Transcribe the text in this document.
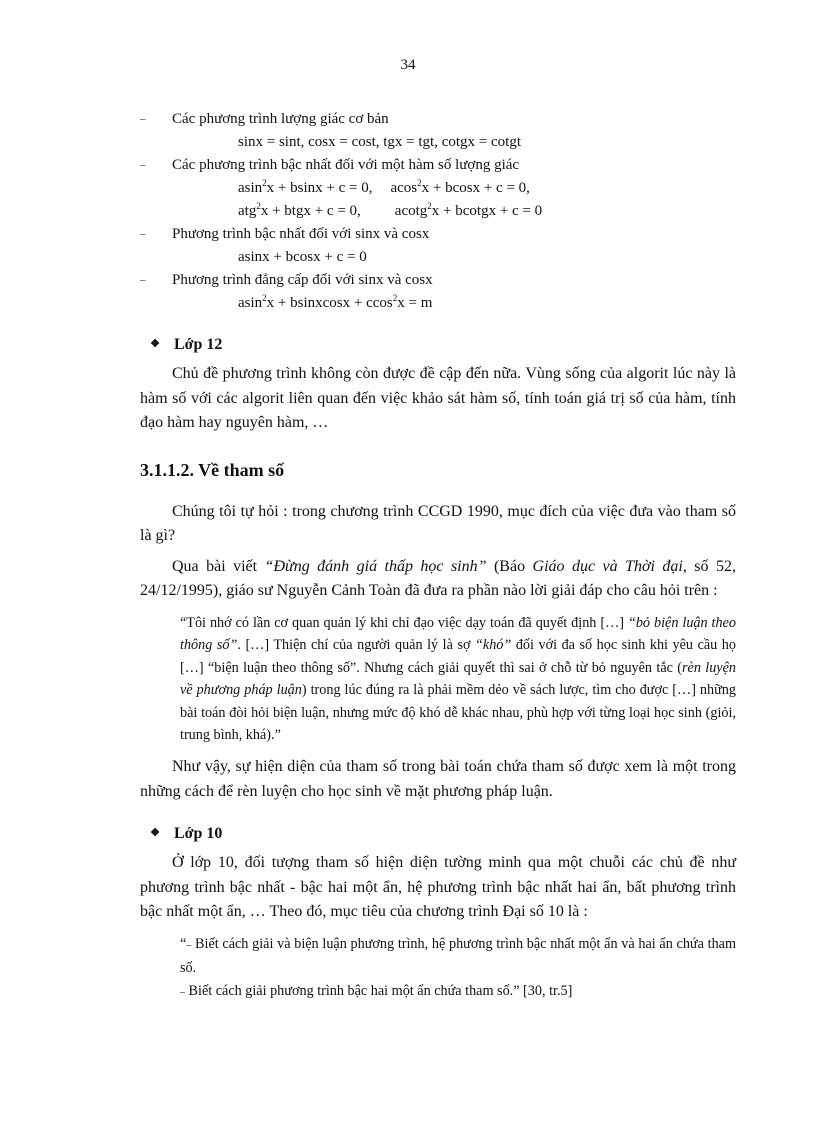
34

– Các phương trình lượng giác cơ bản

sinx = sint, cosx = cost, tgx = tgt, cotgx = cotgt

– Các phương trình bậc nhất đối với một hàm số lượng giác

asin$^2$x + bsinx + c = 0, acos$^2$x + bcosx + c = 0,

atg$^2$x + btgx + c = 0, acotg$^2$x + bcotgx + c = 0

– Phương trình bậc nhất đối với sinx và cosx

asinx + bcosx + c = 0

– Phương trình đẳng cấp đối với sinx và cosx

asin$^2$x + bsinxcosx + ccos$^2$x = m

❖ Lớp 12

Chủ đề phương trình không còn được đề cập đến nữa. Vùng sống của algorit lúc này là hàm số với các algorit liên quan đến việc khảo sát hàm số, tính toán giá trị số của hàm, tính đạo hàm hay nguyên hàm, …

3.1.1.2. Về tham số

Chúng tôi tự hỏi : trong chương trình CCGD 1990, mục đích của việc đưa vào tham số là gì?

Qua bài viết “Đừng đánh giá thấp học sinh” (Báo Giáo dục và Thời đại, số 52, 24/12/1995), giáo sư Nguyễn Cảnh Toàn đã đưa ra phần nào lời giải đáp cho câu hỏi trên :

“Tôi nhớ có lần cơ quan quản lý khi chỉ đạo việc dạy toán đã quyết định […] “bỏ biện luận theo thông số”. […] Thiện chí của người quản lý là sợ “khó” đối với đa số học sinh khi yêu cầu họ […] “biện luận theo thông số”. Nhưng cách giải quyết thì sai ở chỗ từ bỏ nguyên tắc (rèn luyện về phương pháp luận) trong lúc đúng ra là phải mềm dẻo về sách lược, tìm cho được […] những bài toán đòi hỏi biện luận, nhưng mức độ khó dễ khác nhau, phù hợp với từng loại học sinh (giỏi, trung bình, khá).”

Như vậy, sự hiện diện của tham số trong bài toán chứa tham số được xem là một trong những cách để rèn luyện cho học sinh về mặt phương pháp luận.

❖ Lớp 10

Ở lớp 10, đối tượng tham số hiện diện tường minh qua một chuỗi các chủ đề như phương trình bậc nhất - bậc hai một ẩn, hệ phương trình bậc nhất hai ẩn, bất phương trình bậc nhất một ẩn, … Theo đó, mục tiêu của chương trình Đại số 10 là :

“– Biết cách giải và biện luận phương trình, hệ phương trình bậc nhất một ẩn và hai ẩn chứa tham số.
– Biết cách giải phương trình bậc hai một ẩn chứa tham số.” [30, tr.5]
